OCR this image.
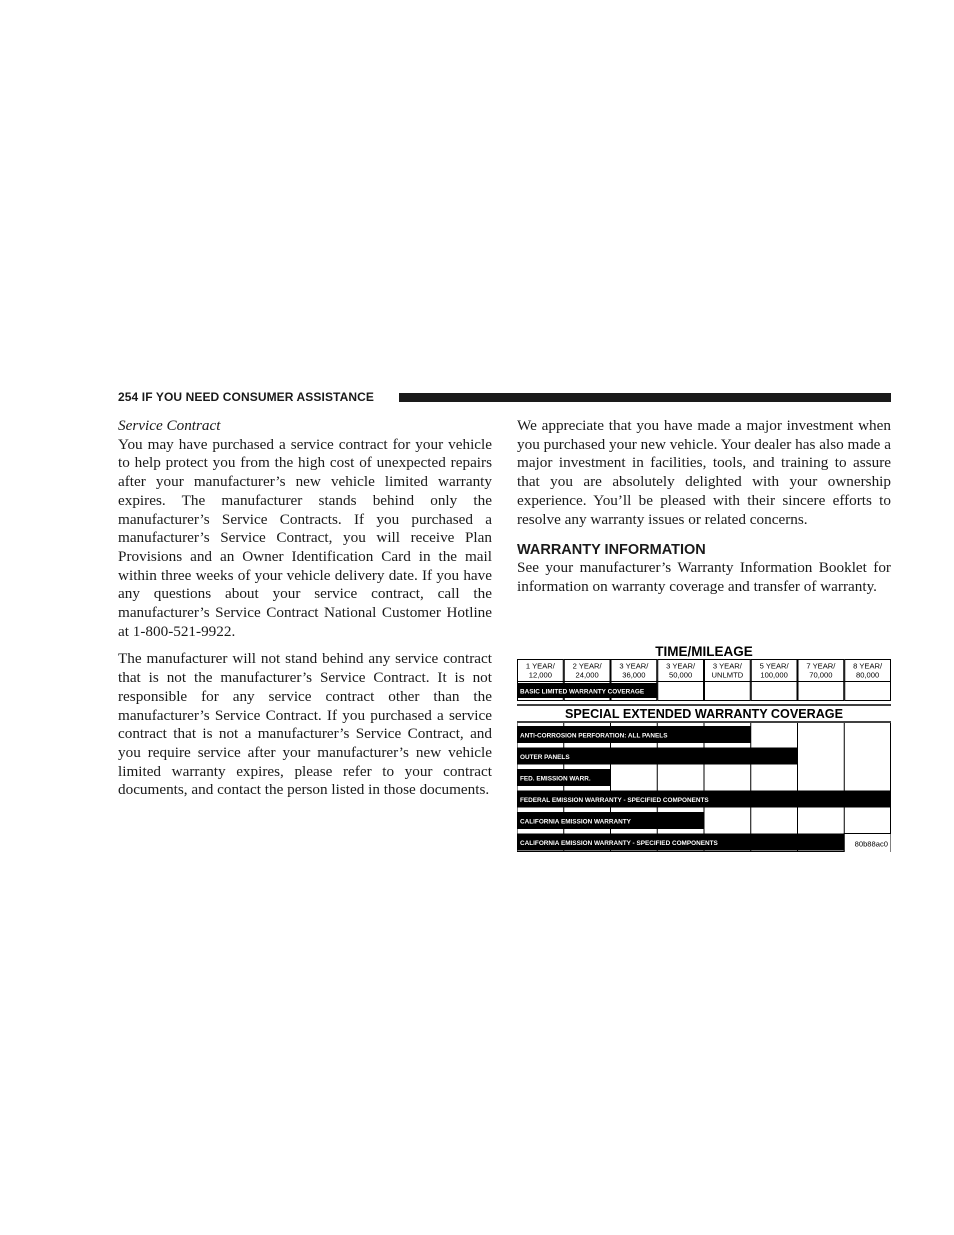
254 IF YOU NEED CONSUMER ASSISTANCE
Service Contract

You may have purchased a service contract for your vehicle to help protect you from the high cost of unexpected repairs after your manufacturer’s new vehicle limited warranty expires. The manufacturer stands behind only the manufacturer’s Service Contracts. If you purchased a manufacturer’s Service Contract, you will receive Plan Provisions and an Owner Identification Card in the mail within three weeks of your vehicle delivery date. If you have any questions about your service contract, call the manufacturer’s Service Contract National Customer Hotline at 1-800-521-9922.

The manufacturer will not stand behind any service contract that is not the manufacturer’s Service Contract. It is not responsible for any service contract other than the manufacturer’s Service Contract. If you purchased a service contract that is not a manufacturer’s Service Contract, and you require service after your manufacturer’s new vehicle limited warranty expires, please refer to your contract documents, and contact the person listed in those documents.

We appreciate that you have made a major investment when you purchased your new vehicle. Your dealer has also made a major investment in facilities, tools, and training to assure that you are absolutely delighted with your ownership experience. You’ll be pleased with their sincere efforts to resolve any warranty issues or related concerns.

WARRANTY INFORMATION

See your manufacturer’s Warranty Information Booklet for information on warranty coverage and transfer of warranty.

TIME/MILEAGE
1 YEAR/
12,000
2 YEAR/
24,000
3 YEAR/
36,000
3 YEAR/
50,000
3 YEAR/
UNLMTD
5 YEAR/
100,000
7 YEAR/
70,000
8 YEAR/
80,000
BASIC LIMITED WARRANTY COVERAGE
SPECIAL EXTENDED WARRANTY COVERAGE
ANTI-CORROSION PERFORATION: ALL PANELS
OUTER PANELS
FED. EMISSION WARR.
FEDERAL EMISSION WARRANTY - SPECIFIED COMPONENTS
CALIFORNIA EMISSION WARRANTY
CALIFORNIA EMISSION WARRANTY - SPECIFIED COMPONENTS	80b88ac0
